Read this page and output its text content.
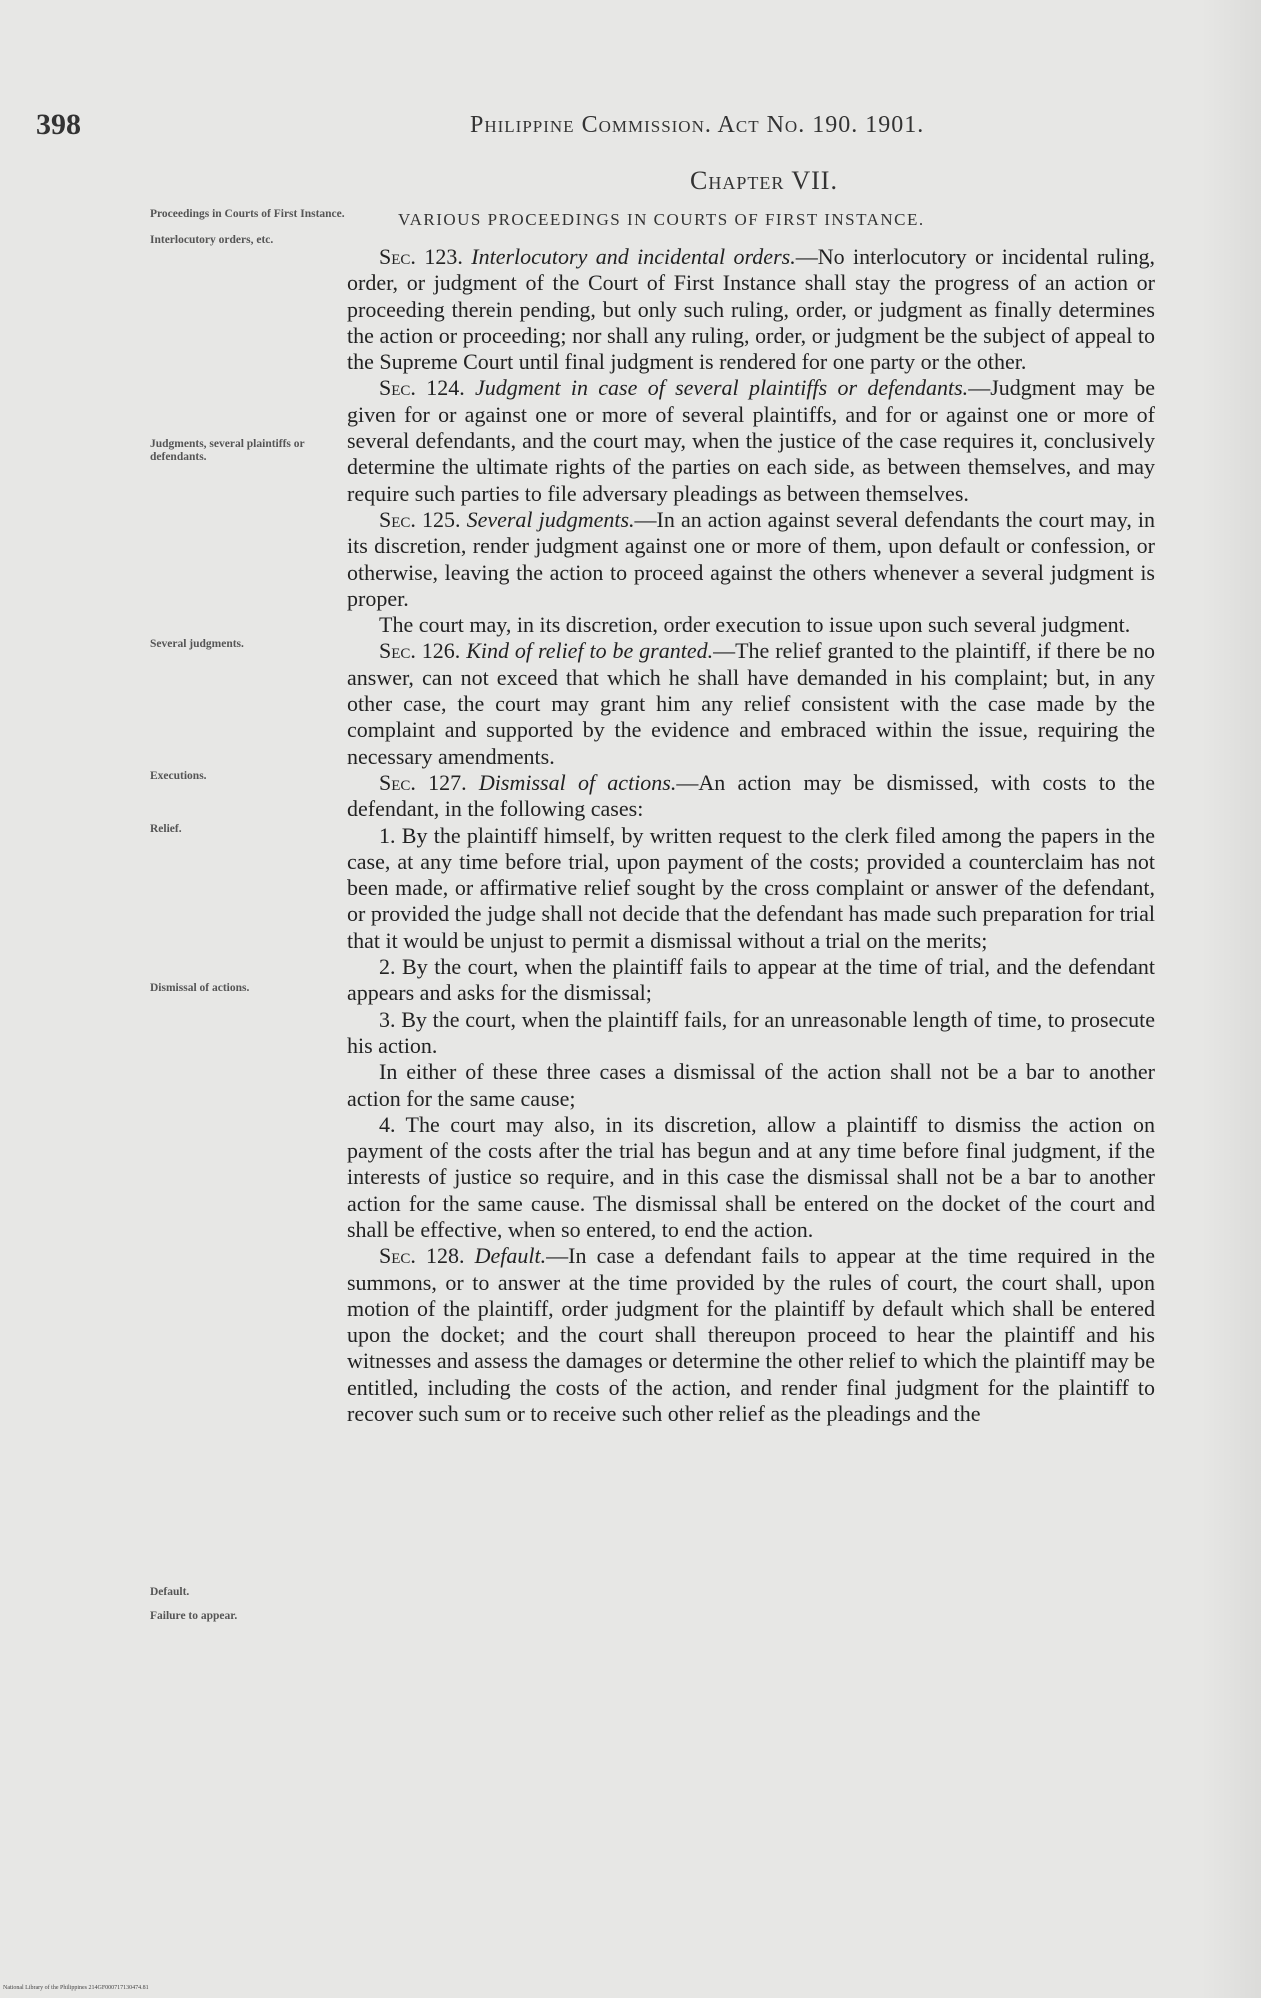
398	Philippine Commission. Act No. 190. 1901.
Chapter VII.
VARIOUS PROCEEDINGS IN COURTS OF FIRST INSTANCE.
Proceedings in Courts of First Instance.
Interlocutory orders, etc.
Judgments, several plaintiffs or defendants.
Several judgments.
Executions.
Relief.
Dismissal of actions.
Default.
Failure to appear.

Sec. 123. Interlocutory and incidental orders.—No interlocutory or incidental ruling, order, or judgment of the Court of First Instance shall stay the progress of an action or proceeding therein pending, but only such ruling, order, or judgment as finally determines the action or proceeding; nor shall any ruling, order, or judgment be the subject of appeal to the Supreme Court until final judgment is rendered for one party or the other.

Sec. 124. Judgment in case of several plaintiffs or defendants.—Judgment may be given for or against one or more of several plaintiffs, and for or against one or more of several defendants, and the court may, when the justice of the case requires it, conclusively determine the ultimate rights of the parties on each side, as between themselves, and may require such parties to file adversary pleadings as between themselves.

Sec. 125. Several judgments.—In an action against several defendants the court may, in its discretion, render judgment against one or more of them, upon default or confession, or otherwise, leaving the action to proceed against the others whenever a several judgment is proper.

The court may, in its discretion, order execution to issue upon such several judgment.

Sec. 126. Kind of relief to be granted.—The relief granted to the plaintiff, if there be no answer, can not exceed that which he shall have demanded in his complaint; but, in any other case, the court may grant him any relief consistent with the case made by the complaint and supported by the evidence and embraced within the issue, requiring the necessary amendments.

Sec. 127. Dismissal of actions.—An action may be dismissed, with costs to the defendant, in the following cases:

1. By the plaintiff himself, by written request to the clerk filed among the papers in the case, at any time before trial, upon payment of the costs; provided a counterclaim has not been made, or affirmative relief sought by the cross complaint or answer of the defendant, or provided the judge shall not decide that the defendant has made such preparation for trial that it would be unjust to permit a dismissal without a trial on the merits;

2. By the court, when the plaintiff fails to appear at the time of trial, and the defendant appears and asks for the dismissal;

3. By the court, when the plaintiff fails, for an unreasonable length of time, to prosecute his action.

In either of these three cases a dismissal of the action shall not be a bar to another action for the same cause;

4. The court may also, in its discretion, allow a plaintiff to dismiss the action on payment of the costs after the trial has begun and at any time before final judgment, if the interests of justice so require, and in this case the dismissal shall not be a bar to another action for the same cause. The dismissal shall be entered on the docket of the court and shall be effective, when so entered, to end the action.

Sec. 128. Default.—In case a defendant fails to appear at the time required in the summons, or to answer at the time provided by the rules of court, the court shall, upon motion of the plaintiff, order judgment for the plaintiff by default which shall be entered upon the docket; and the court shall thereupon proceed to hear the plaintiff and his witnesses and assess the damages or determine the other relief to which the plaintiff may be entitled, including the costs of the action, and render final judgment for the plaintiff to recover such sum or to receive such other relief as the pleadings and the

National Library of the Philippines 214GF000717130474.81
